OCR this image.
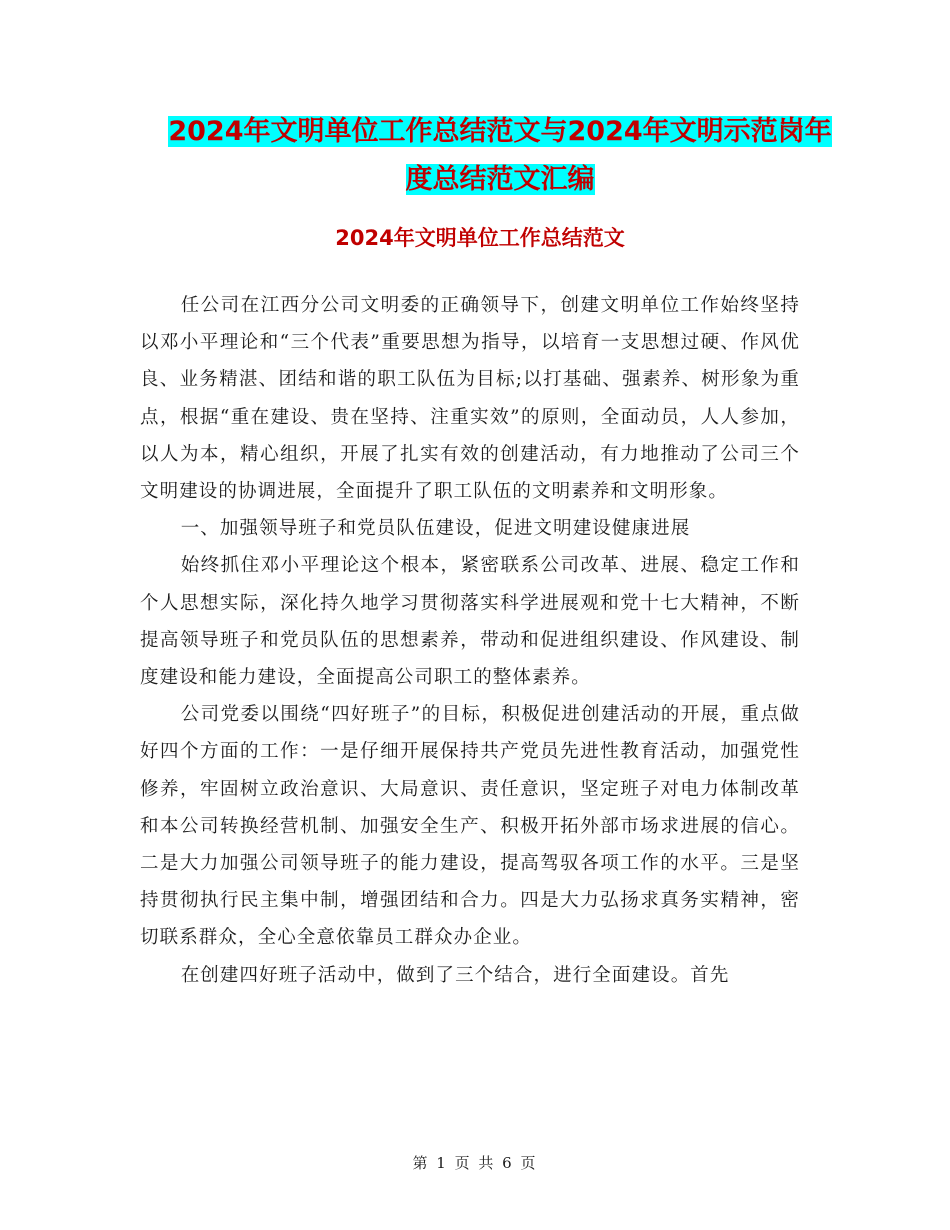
2024年文明单位工作总结范文与2024年文明示范岗年
度总结范文汇编
2024年文明单位工作总结范文

任公司在江西分公司文明委的正确领导下，创建文明单位工作始终坚持以邓小平理论和“三个代表”重要思想为指导，以培育一支思想过硬、作风优良、业务精湛、团结和谐的职工队伍为目标;以打基础、强素养、树形象为重点，根据“重在建设、贵在坚持、注重实效”的原则，全面动员，人人参加，以人为本，精心组织，开展了扎实有效的创建活动，有力地推动了公司三个文明建设的协调进展，全面提升了职工队伍的文明素养和文明形象。

一、加强领导班子和党员队伍建设，促进文明建设健康进展

始终抓住邓小平理论这个根本，紧密联系公司改革、进展、稳定工作和个人思想实际，深化持久地学习贯彻落实科学进展观和党十七大精神，不断提高领导班子和党员队伍的思想素养，带动和促进组织建设、作风建设、制度建设和能力建设，全面提高公司职工的整体素养。

公司党委以围绕“四好班子”的目标，积极促进创建活动的开展，重点做好四个方面的工作：一是仔细开展保持共产党员先进性教育活动，加强党性修养，牢固树立政治意识、大局意识、责任意识，坚定班子对电力体制改革和本公司转换经营机制、加强安全生产、积极开拓外部市场求进展的信心。二是大力加强公司领导班子的能力建设，提高驾驭各项工作的水平。三是坚持贯彻执行民主集中制，增强团结和合力。四是大力弘扬求真务实精神，密切联系群众，全心全意依靠员工群众办企业。

在创建四好班子活动中，做到了三个结合，进行全面建设。首先

第 1 页 共 6 页
